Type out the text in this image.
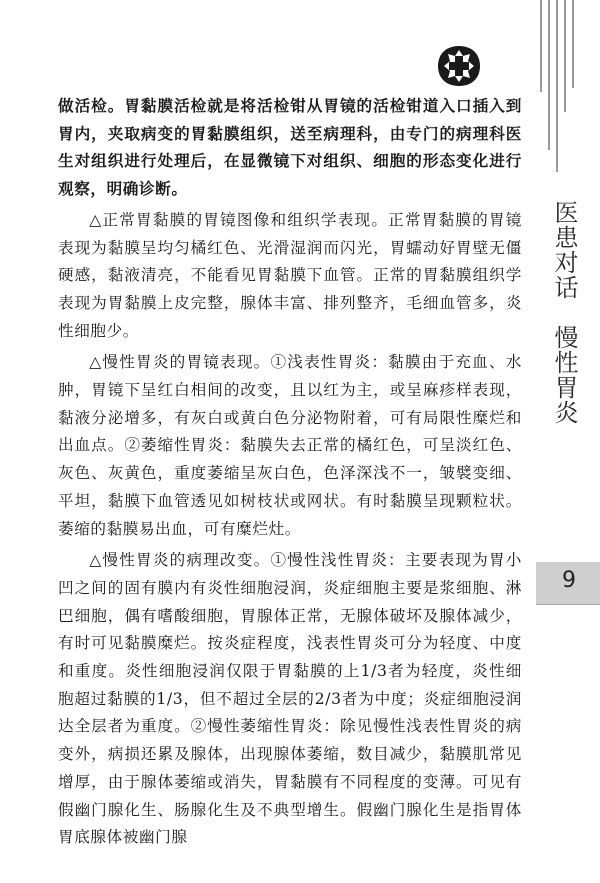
医患对话　慢性胃炎
9

做活检。胃黏膜活检就是将活检钳从胃镜的活检钳道入口插入到胃内，夹取病变的胃黏膜组织，送至病理科，由专门的病理科医生对组织进行处理后，在显微镜下对组织、细胞的形态变化进行观察，明确诊断。

△正常胃黏膜的胃镜图像和组织学表现。正常胃黏膜的胃镜表现为黏膜呈均匀橘红色、光滑湿润而闪光，胃蠕动好胃壁无僵硬感，黏液清亮，不能看见胃黏膜下血管。正常的胃黏膜组织学表现为胃黏膜上皮完整，腺体丰富、排列整齐，毛细血管多，炎性细胞少。

△慢性胃炎的胃镜表现。①浅表性胃炎：黏膜由于充血、水肿，胃镜下呈红白相间的改变，且以红为主，或呈麻疹样表现，黏液分泌增多，有灰白或黄白色分泌物附着，可有局限性糜烂和出血点。②萎缩性胃炎：黏膜失去正常的橘红色，可呈淡红色、灰色、灰黄色，重度萎缩呈灰白色，色泽深浅不一，皱襞变细、平坦，黏膜下血管透见如树枝状或网状。有时黏膜呈现颗粒状。萎缩的黏膜易出血，可有糜烂灶。

△慢性胃炎的病理改变。①慢性浅性胃炎：主要表现为胃小凹之间的固有膜内有炎性细胞浸润，炎症细胞主要是浆细胞、淋巴细胞，偶有嗜酸细胞，胃腺体正常，无腺体破坏及腺体减少，有时可见黏膜糜烂。按炎症程度，浅表性胃炎可分为轻度、中度和重度。炎性细胞浸润仅限于胃黏膜的上1/3者为轻度，炎性细胞超过黏膜的1/3，但不超过全层的2/3者为中度；炎症细胞浸润达全层者为重度。②慢性萎缩性胃炎：除见慢性浅表性胃炎的病变外，病损还累及腺体，出现腺体萎缩，数目减少，黏膜肌常见增厚，由于腺体萎缩或消失，胃黏膜有不同程度的变薄。可见有假幽门腺化生、肠腺化生及不典型增生。假幽门腺化生是指胃体胃底腺体被幽门腺
